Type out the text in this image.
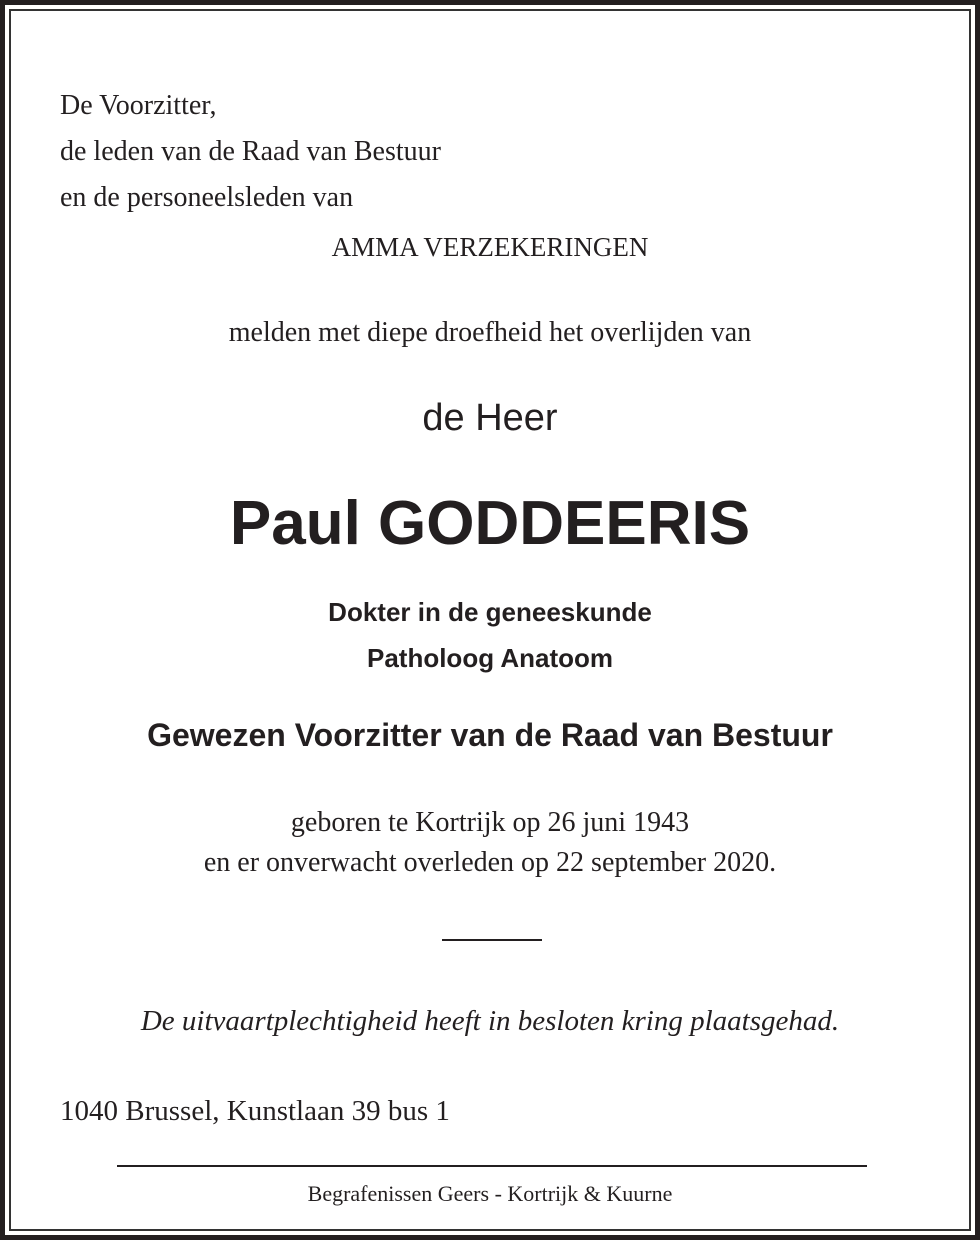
De Voorzitter,
de leden van de Raad van Bestuur
en de personeelsleden van
AMMA VERZEKERINGEN
melden met diepe droefheid het overlijden van
de Heer
Paul GODDEERIS
Dokter in de geneeskunde
Patholoog Anatoom
Gewezen Voorzitter van de Raad van Bestuur
geboren te Kortrijk op 26 juni 1943
en er onverwacht overleden op 22 september 2020.
De uitvaartplechtigheid heeft in besloten kring plaatsgehad.
1040 Brussel, Kunstlaan 39 bus 1
Begrafenissen Geers - Kortrijk & Kuurne
